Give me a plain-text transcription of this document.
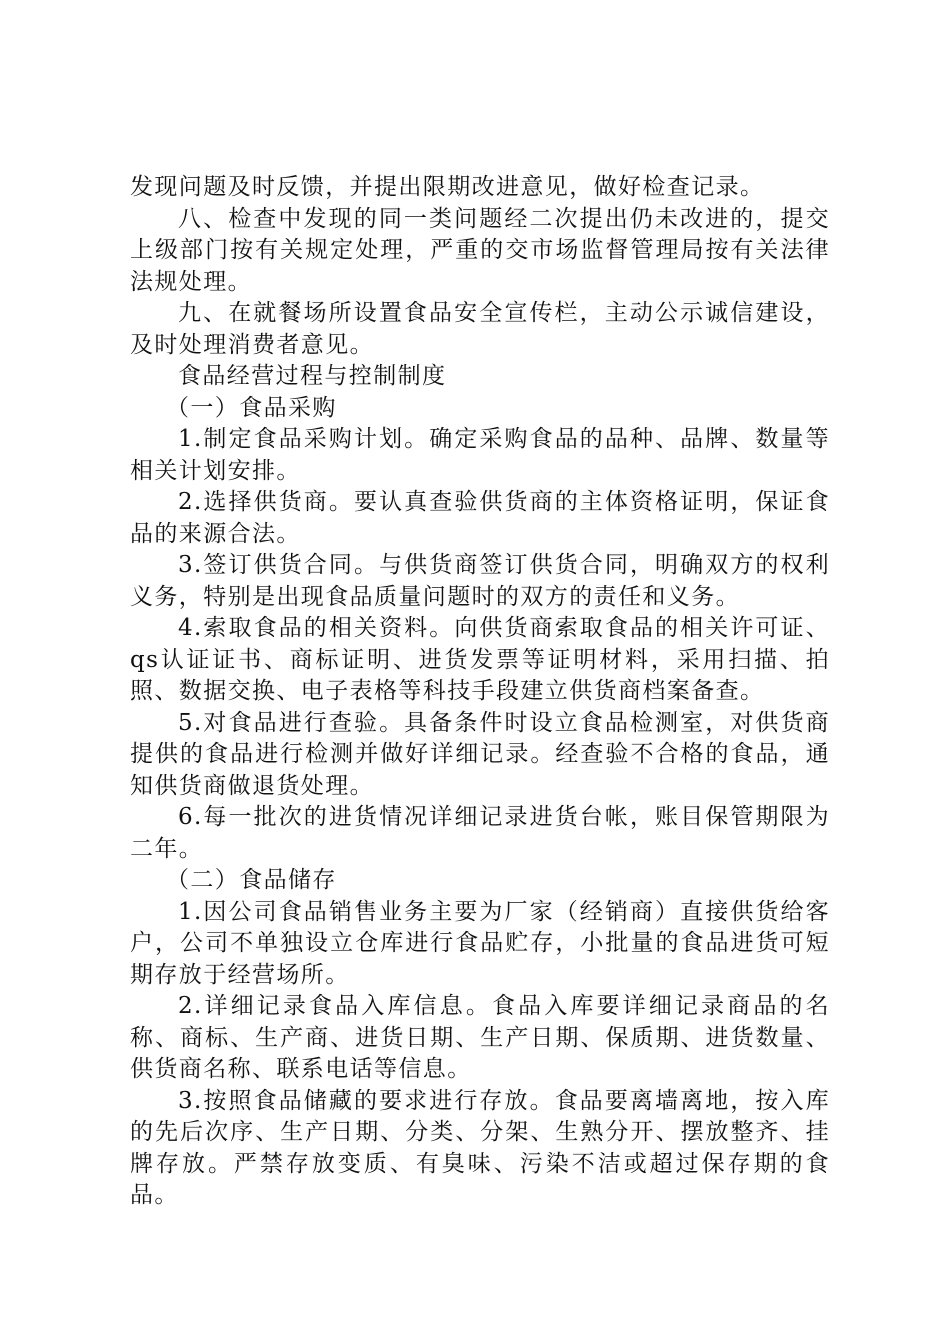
发现问题及时反馈，并提出限期改进意见，做好检查记录。

八、检查中发现的同一类问题经二次提出仍未改进的，提交上级部门按有关规定处理，严重的交市场监督管理局按有关法律法规处理。

九、在就餐场所设置食品安全宣传栏，主动公示诚信建设，及时处理消费者意见。

食品经营过程与控制制度

（一）食品采购

1.制定食品采购计划。确定采购食品的品种、品牌、数量等相关计划安排。

2.选择供货商。要认真查验供货商的主体资格证明，保证食品的来源合法。

3.签订供货合同。与供货商签订供货合同，明确双方的权利义务，特别是出现食品质量问题时的双方的责任和义务。

4.索取食品的相关资料。向供货商索取食品的相关许可证、qs认证证书、商标证明、进货发票等证明材料，采用扫描、拍照、数据交换、电子表格等科技手段建立供货商档案备查。

5.对食品进行查验。具备条件时设立食品检测室，对供货商提供的食品进行检测并做好详细记录。经查验不合格的食品，通知供货商做退货处理。

6.每一批次的进货情况详细记录进货台帐，账目保管期限为二年。

（二）食品储存

1.因公司食品销售业务主要为厂家（经销商）直接供货给客户，公司不单独设立仓库进行食品贮存，小批量的食品进货可短期存放于经营场所。

2.详细记录食品入库信息。食品入库要详细记录商品的名称、商标、生产商、进货日期、生产日期、保质期、进货数量、供货商名称、联系电话等信息。

3.按照食品储藏的要求进行存放。食品要离墙离地，按入库的先后次序、生产日期、分类、分架、生熟分开、摆放整齐、挂牌存放。严禁存放变质、有臭味、污染不洁或超过保存期的食品。
